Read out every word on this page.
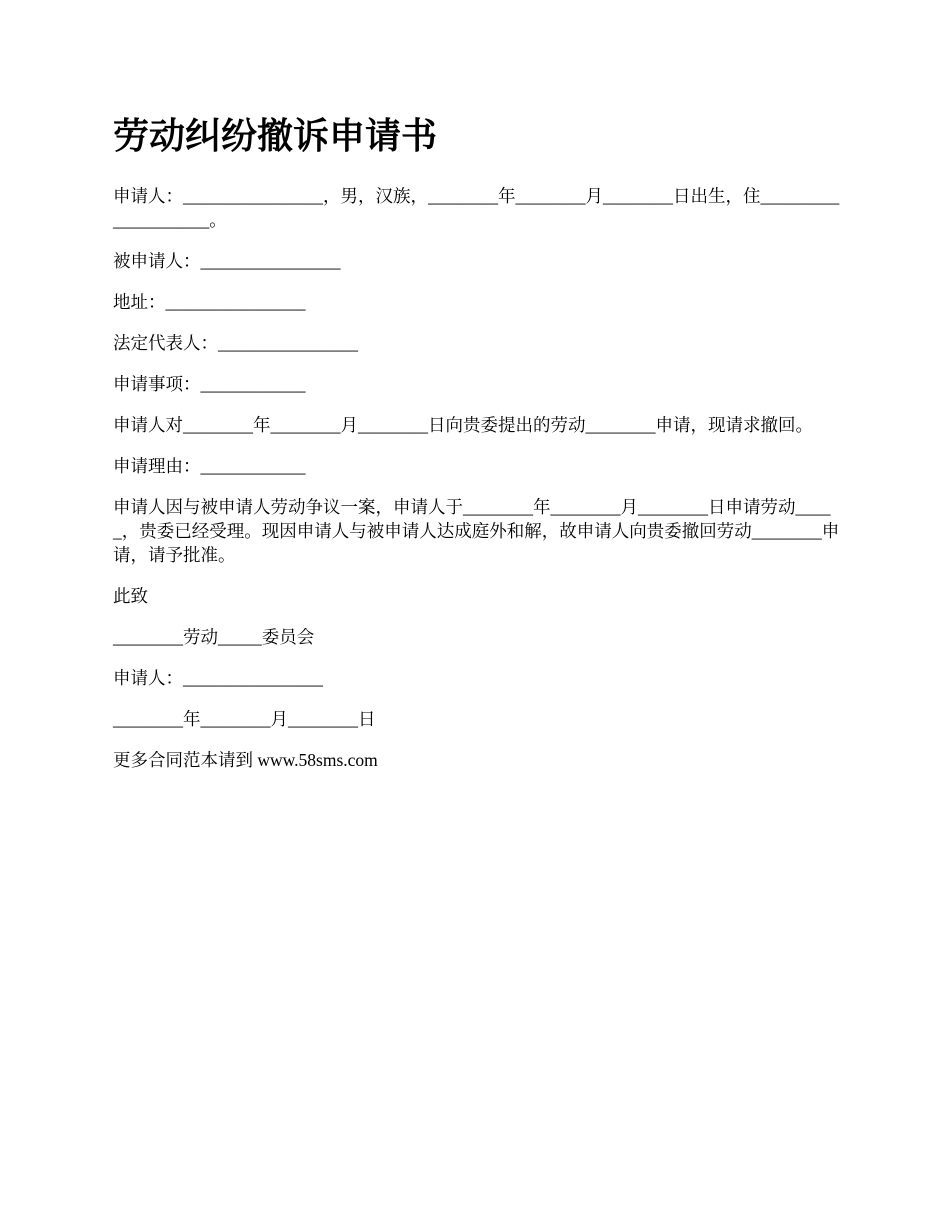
劳动纠纷撤诉申请书

申请人：________________，男，汉族，________年________月________日出生，住____________________。

被申请人：________________

地址：________________

法定代表人：________________

申请事项：____________

申请人对________年________月________日向贵委提出的劳动________申请，现请求撤回。

申请理由：____________

申请人因与被申请人劳动争议一案，申请人于________年________月________日申请劳动_____，贵委已经受理。现因申请人与被申请人达成庭外和解，故申请人向贵委撤回劳动________申请，请予批准。

此致

________劳动_____委员会

申请人：________________

________年________月________日

更多合同范本请到 www.58sms.com
